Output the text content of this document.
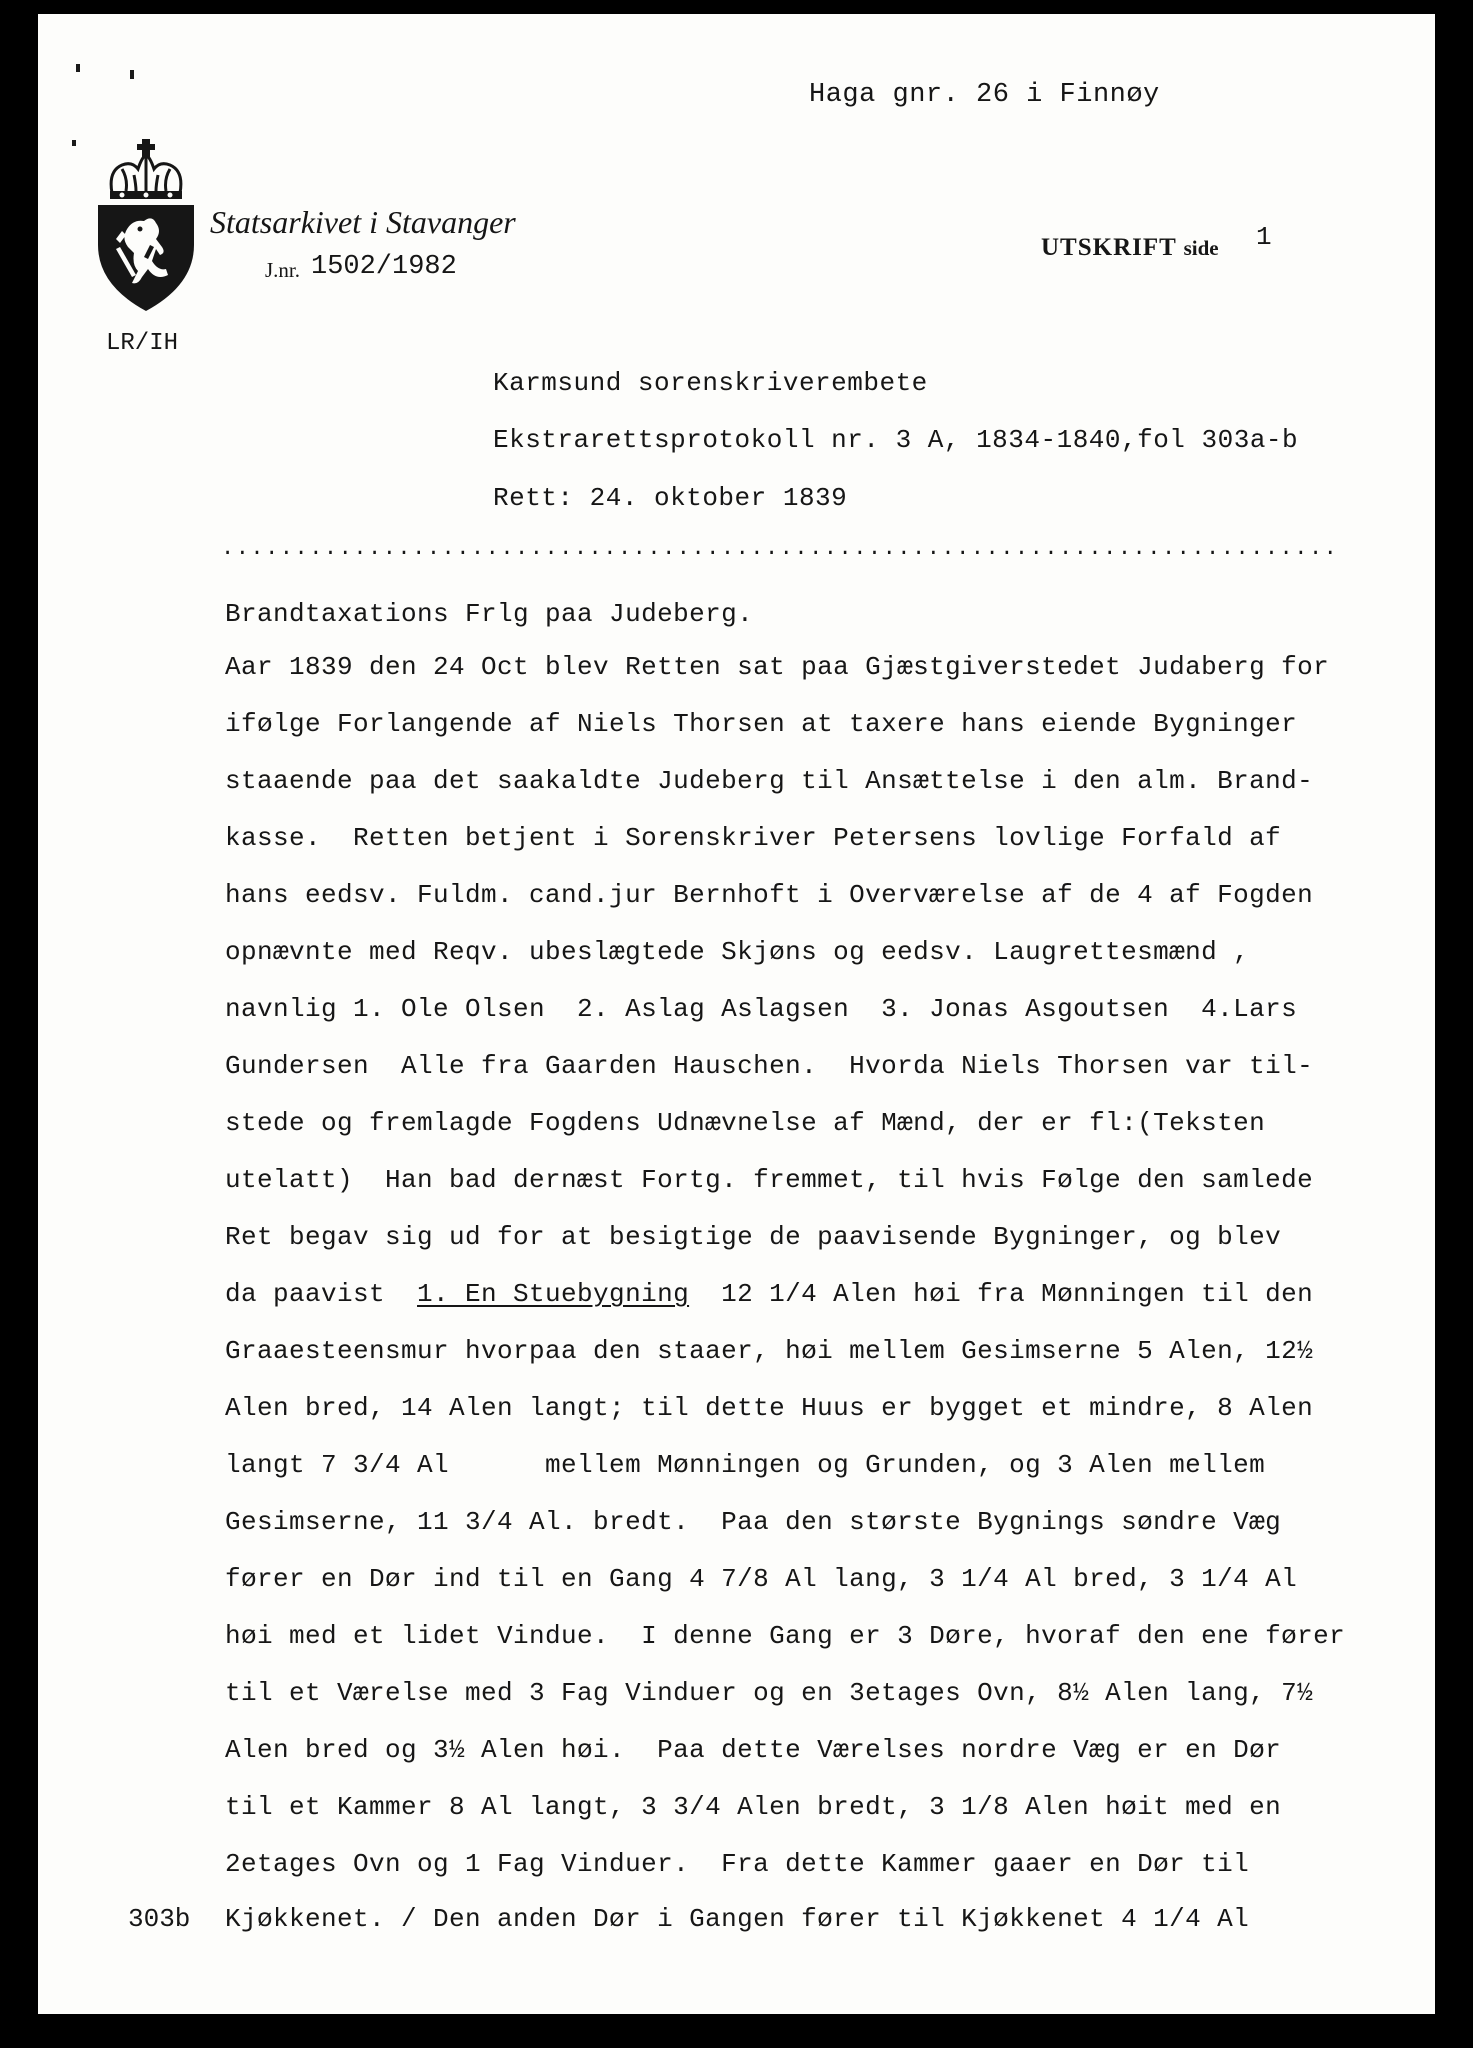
Haga gnr. 26 i Finnøy
Statsarkivet i Stavanger
J.nr. 1502/1982
UTSKRIFT side 1
LR/IH
Karmsund sorenskriverembete
Ekstrarettsprotokoll nr. 3 A, 1834-1840,fol 303a-b
Rett: 24. oktober 1839
............................................................................
Brandtaxations Frlg paa Judeberg.
Aar 1839 den 24 Oct blev Retten sat paa Gjæstgiverstedet Judaberg for
ifølge Forlangende af Niels Thorsen at taxere hans eiende Bygninger
staaende paa det saakaldte Judeberg til Ansættelse i den alm. Brand-
kasse.  Retten betjent i Sorenskriver Petersens lovlige Forfald af
hans eedsv. Fuldm. cand.jur Bernhoft i Overværelse af de 4 af Fogden
opnævnte med Reqv. ubeslægtede Skjøns og eedsv. Laugrettesmænd ,
navnlig 1. Ole Olsen  2. Aslag Aslagsen  3. Jonas Asgoutsen  4.Lars
Gundersen  Alle fra Gaarden Hauschen.  Hvorda Niels Thorsen var til-
stede og fremlagde Fogdens Udnævnelse af Mænd, der er fl:(Teksten
utelatt)  Han bad dernæst Fortg. fremmet, til hvis Følge den samlede
Ret begav sig ud for at besigtige de paavisende Bygninger, og blev
da paavist  1. En Stuebygning  12 1/4 Alen høi fra Mønningen til den
Graaesteensmur hvorpaa den staaer, høi mellem Gesimserne 5 Alen, 12½
Alen bred, 14 Alen langt; til dette Huus er bygget et mindre, 8 Alen
langt 7 3/4 Al      mellem Mønningen og Grunden, og 3 Alen mellem
Gesimserne, 11 3/4 Al. bredt.  Paa den største Bygnings søndre Væg
fører en Dør ind til en Gang 4 7/8 Al lang, 3 1/4 Al bred, 3 1/4 Al
høi med et lidet Vindue.  I denne Gang er 3 Døre, hvoraf den ene fører
til et Værelse med 3 Fag Vinduer og en 3etages Ovn, 8½ Alen lang, 7½
Alen bred og 3½ Alen høi.  Paa dette Værelses nordre Væg er en Dør
til et Kammer 8 Al langt, 3 3/4 Alen bredt, 3 1/8 Alen høit med en
2etages Ovn og 1 Fag Vinduer.  Fra dette Kammer gaaer en Dør til
Kjøkkenet. / Den anden Dør i Gangen fører til Kjøkkenet 4 1/4 Al
303b
